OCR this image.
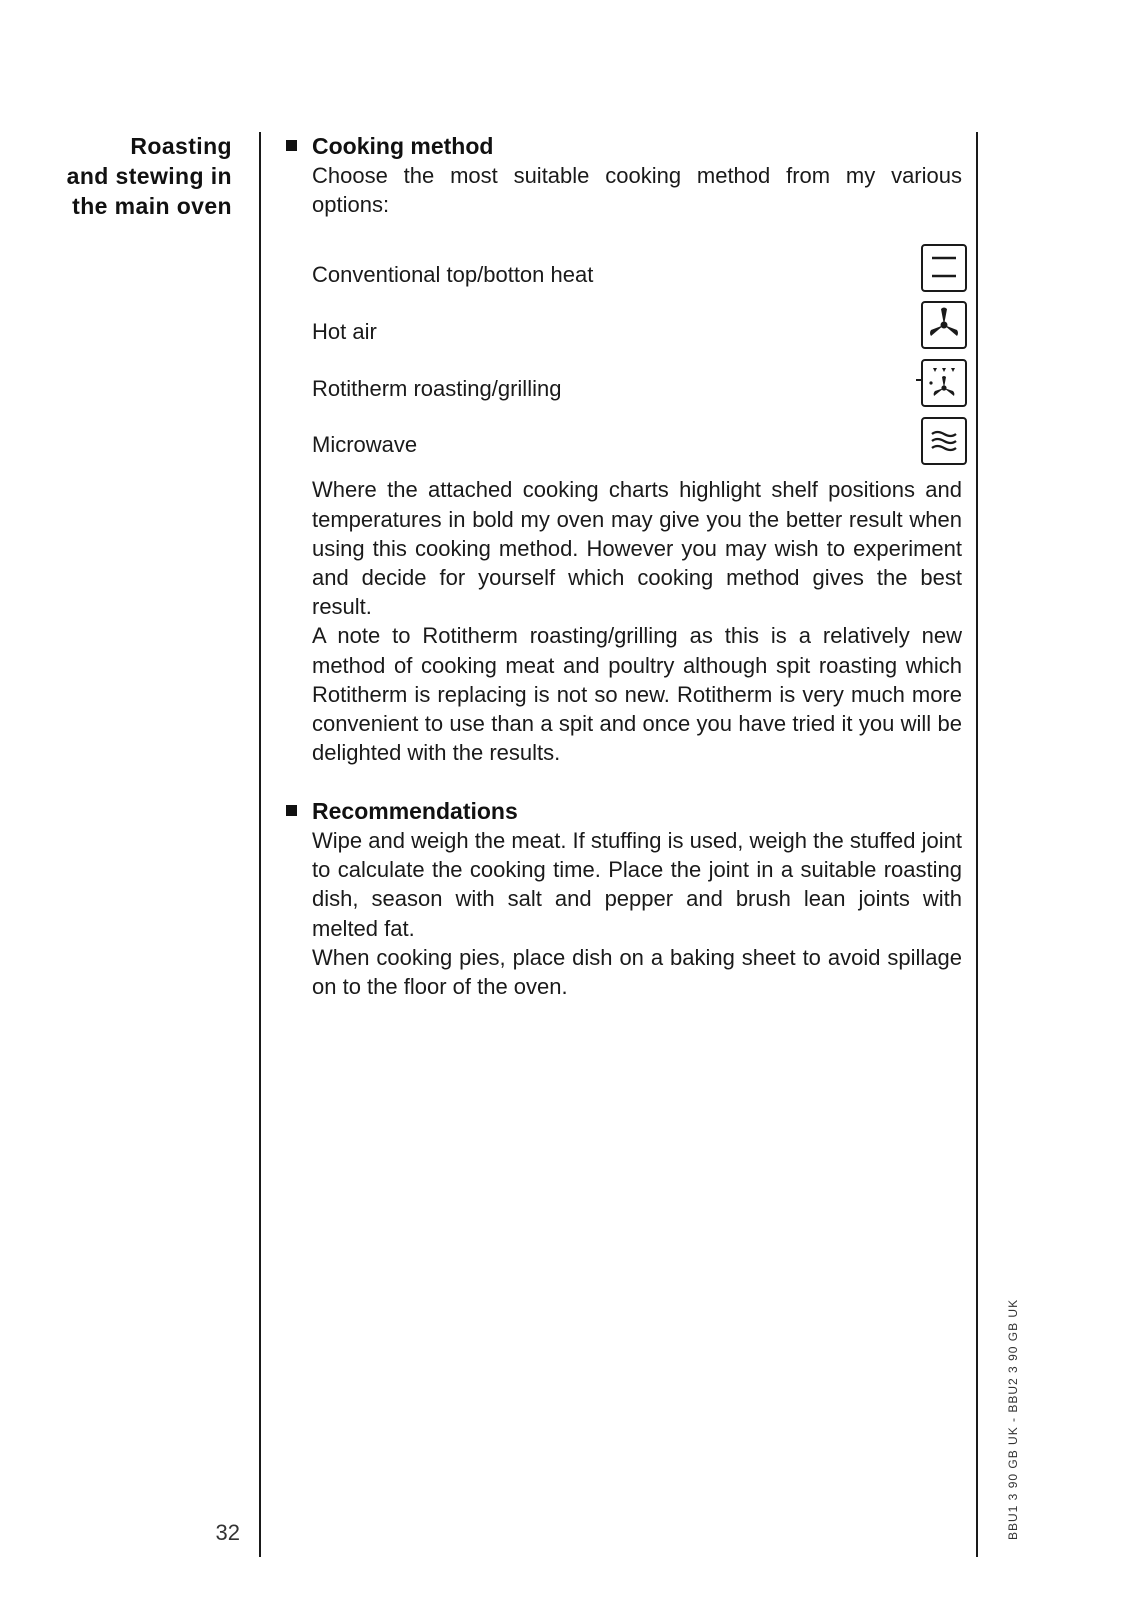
Roasting
and stewing in
the main oven
Cooking method

Choose the most suitable cooking method from my various options:

Conventional top/botton heat
Hot air
Rotitherm roasting/grilling
Microwave

Where the attached cooking charts highlight shelf positions and temperatures in bold my oven may give you the better result when using this cooking method. However you may wish to experiment and decide for yourself which cooking method gives the best result.

A note to Rotitherm roasting/grilling as this is a relatively new method of cooking meat and poultry although spit roasting which Rotitherm is replacing is not so new. Rotitherm is very much more convenient to use than a spit and once you have tried it you will be delighted with the results.

Recommendations

Wipe and weigh the meat. If stuffing is used, weigh the stuffed joint to calculate the cooking time. Place the joint in a suitable roasting dish, season with salt and pepper and brush lean joints with melted fat.

When cooking pies, place dish on a baking sheet to avoid spillage on to the floor of the oven.

32	BBU1 3 90 GB UK - BBU2 3 90 GB UK
